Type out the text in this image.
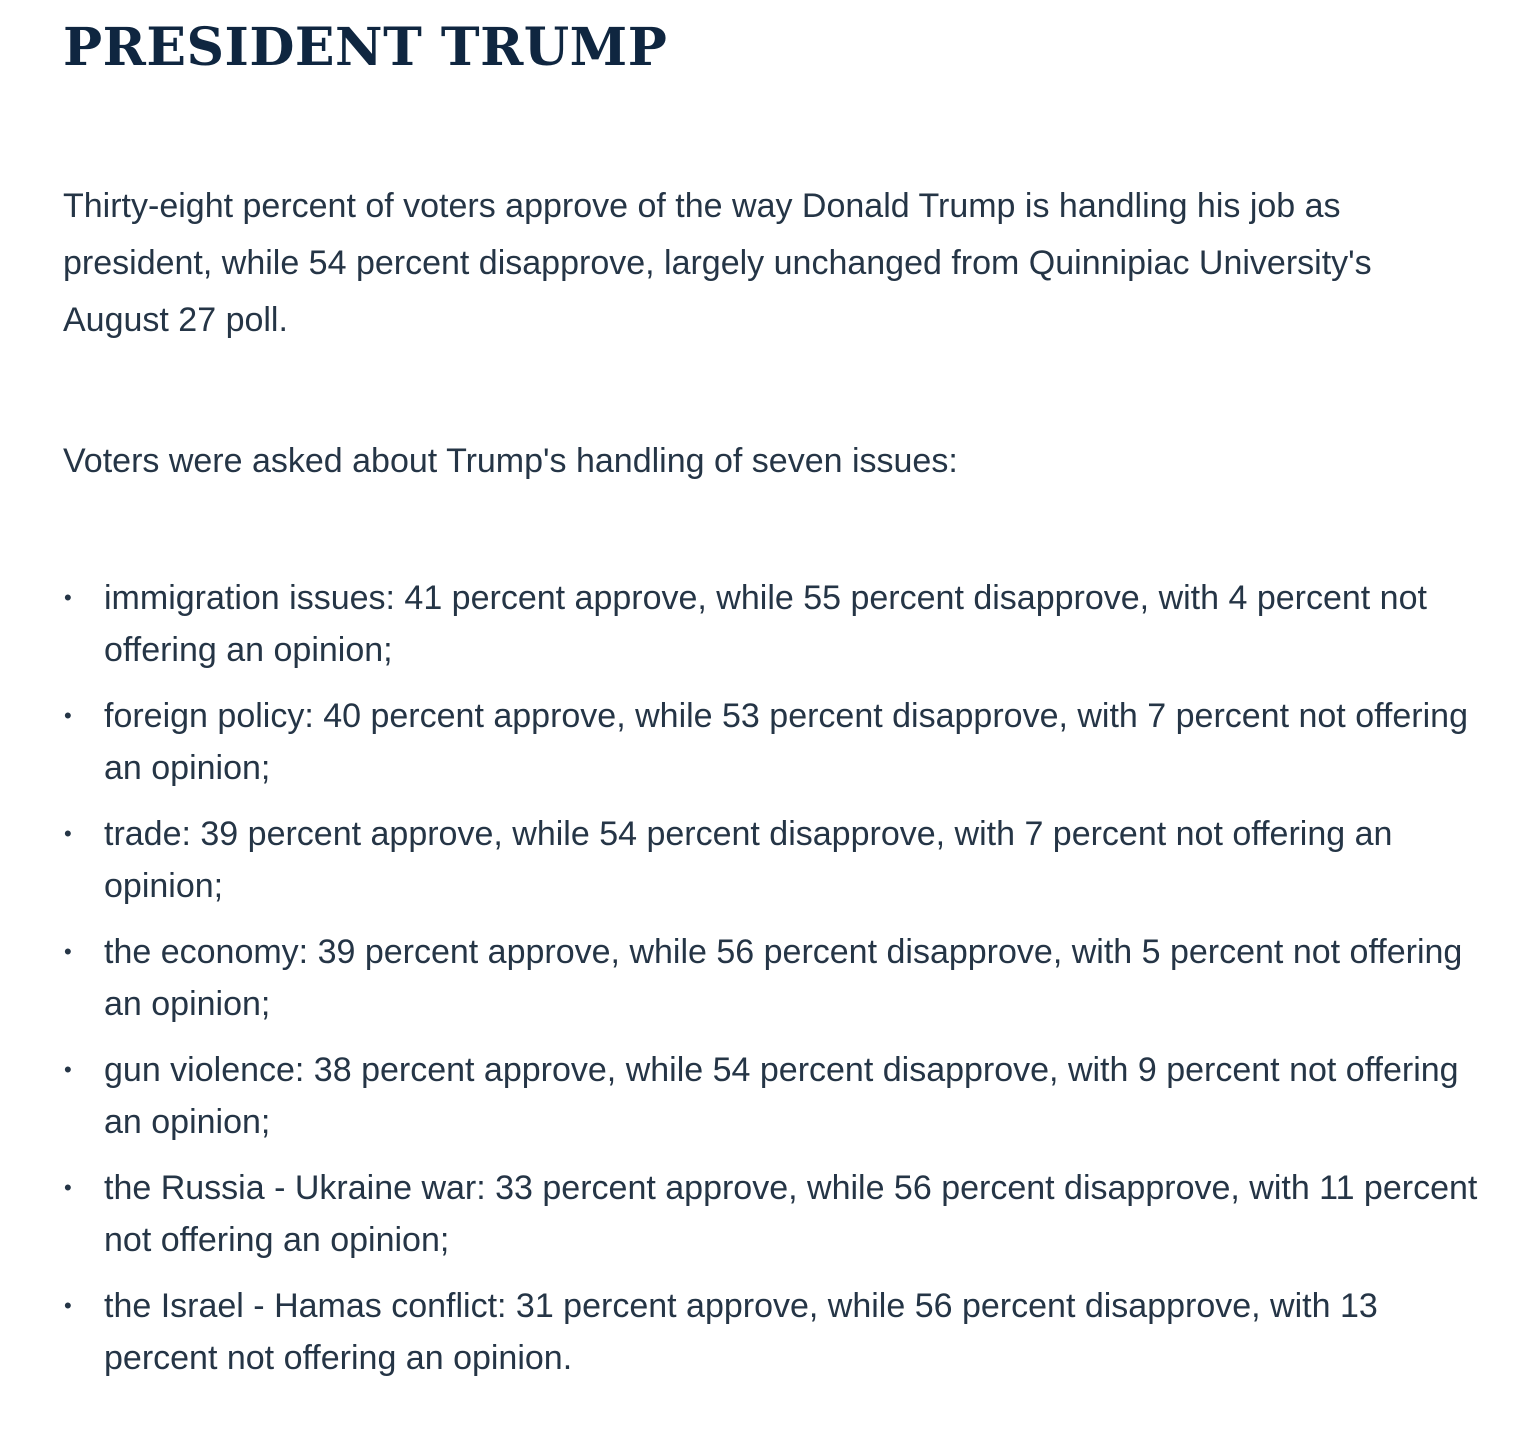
PRESIDENT TRUMP

Thirty-eight percent of voters approve of the way Donald Trump is handling his job as president, while 54 percent disapprove, largely unchanged from Quinnipiac University's August 27 poll.

Voters were asked about Trump's handling of seven issues:

• immigration issues: 41 percent approve, while 55 percent disapprove, with 4 percent not offering an opinion;
• foreign policy: 40 percent approve, while 53 percent disapprove, with 7 percent not offering an opinion;
• trade: 39 percent approve, while 54 percent disapprove, with 7 percent not offering an opinion;
• the economy: 39 percent approve, while 56 percent disapprove, with 5 percent not offering an opinion;
• gun violence: 38 percent approve, while 54 percent disapprove, with 9 percent not offering an opinion;
• the Russia - Ukraine war: 33 percent approve, while 56 percent disapprove, with 11 percent not offering an opinion;
• the Israel - Hamas conflict: 31 percent approve, while 56 percent disapprove, with 13 percent not offering an opinion.
